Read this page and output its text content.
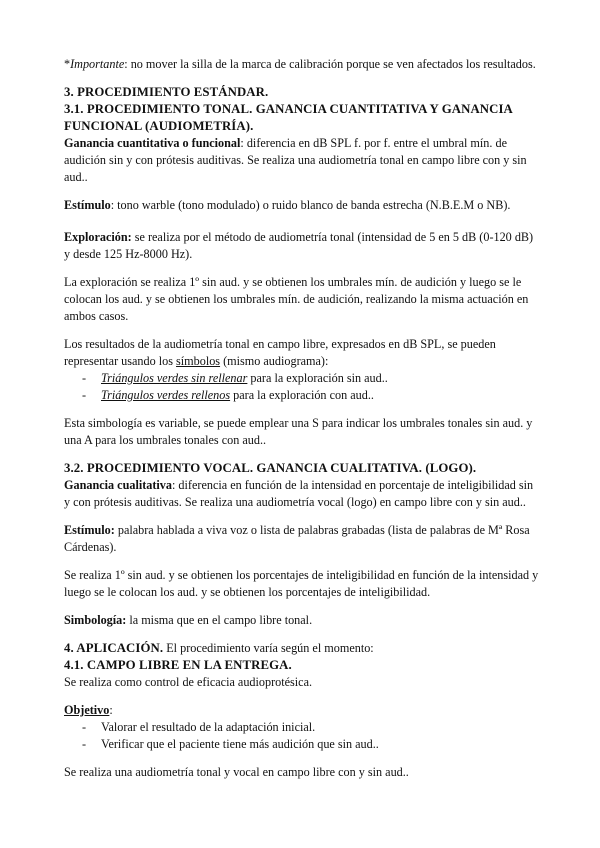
*Importante: no mover la silla de la marca de calibración porque se ven afectados los resultados.
3. PROCEDIMIENTO ESTÁNDAR.
3.1. PROCEDIMIENTO TONAL. GANANCIA CUANTITATIVA Y GANANCIA
FUNCIONAL (AUDIOMETRÍA).
Ganancia cuantitativa o funcional: diferencia en dB SPL f. por f. entre el umbral mín. de
audición sin y con prótesis auditivas. Se realiza una audiometría tonal en campo libre con y sin
aud..
Estímulo: tono warble (tono modulado) o ruido blanco de banda estrecha (N.B.E.M o NB).
Exploración: se realiza por el método de audiometría tonal (intensidad de 5 en 5 dB (0-120 dB)
y desde 125 Hz-8000 Hz).
La exploración se realiza 1º sin aud. y se obtienen los umbrales mín. de audición y luego se le
colocan los aud. y se obtienen los umbrales mín. de audición, realizando la misma actuación en
ambos casos.
Los resultados de la audiometría tonal en campo libre, expresados en dB SPL, se pueden
representar usando los símbolos (mismo audiograma):
-	Triángulos verdes sin rellenar para la exploración sin aud..
-	Triángulos verdes rellenos para la exploración con aud..
Esta simbología es variable, se puede emplear una S para indicar los umbrales tonales sin aud. y
una A para los umbrales tonales con aud..
3.2. PROCEDIMIENTO VOCAL. GANANCIA CUALITATIVA. (LOGO).
Ganancia cualitativa: diferencia en función de la intensidad en porcentaje de inteligibilidad sin
y con prótesis auditivas. Se realiza una audiometría vocal (logo) en campo libre con y sin aud..
Estímulo: palabra hablada a viva voz o lista de palabras grabadas (lista de palabras de Mª Rosa
Cárdenas).
Se realiza 1º sin aud. y se obtienen los porcentajes de inteligibilidad en función de la intensidad y
luego se le colocan los aud. y se obtienen los porcentajes de inteligibilidad.
Simbología: la misma que en el campo libre tonal.
4. APLICACIÓN. El procedimiento varía según el momento:
4.1. CAMPO LIBRE EN LA ENTREGA.
Se realiza como control de eficacia audioprotésica.
Objetivo:
-	Valorar el resultado de la adaptación inicial.
-	Verificar que el paciente tiene más audición que sin aud..
Se realiza una audiometría tonal y vocal en campo libre con y sin aud..
